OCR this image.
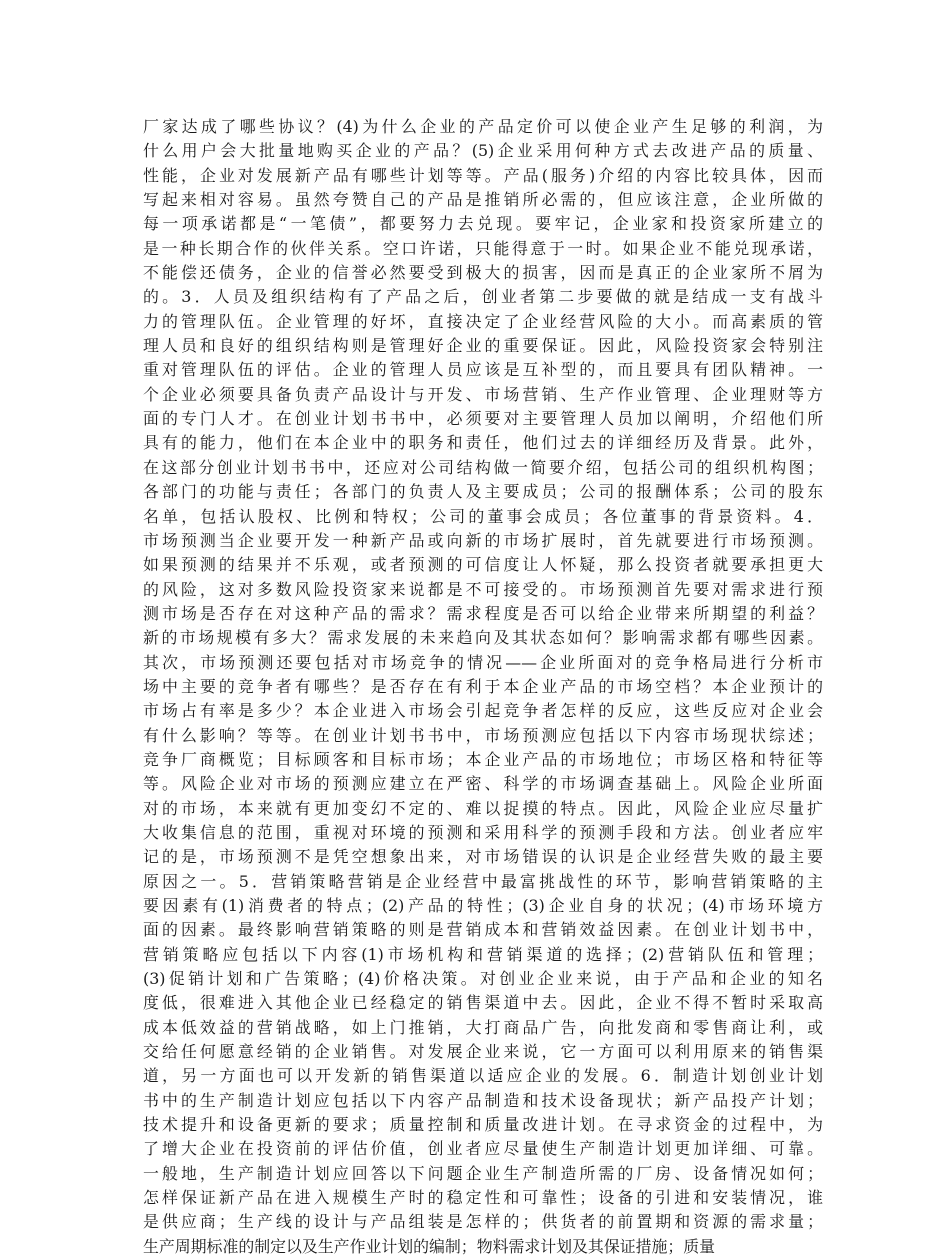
厂家达成了哪些协议？(4)为什么企业的产品定价可以使企业产生足够的利润，为
什么用户会大批量地购买企业的产品？(5)企业采用何种方式去改进产品的质量、
性能，企业对发展新产品有哪些计划等等。产品(服务)介绍的内容比较具体，因而
写起来相对容易。虽然夸赞自己的产品是推销所必需的，但应该注意，企业所做的
每一项承诺都是“一笔债”，都要努力去兑现。要牢记，企业家和投资家所建立的
是一种长期合作的伙伴关系。空口许诺，只能得意于一时。如果企业不能兑现承诺，
不能偿还债务，企业的信誉必然要受到极大的损害，因而是真正的企业家所不屑为
的。3．人员及组织结构有了产品之后，创业者第二步要做的就是结成一支有战斗
力的管理队伍。企业管理的好坏，直接决定了企业经营风险的大小。而高素质的管
理人员和良好的组织结构则是管理好企业的重要保证。因此，风险投资家会特别注
重对管理队伍的评估。企业的管理人员应该是互补型的，而且要具有团队精神。一
个企业必须要具备负责产品设计与开发、市场营销、生产作业管理、企业理财等方
面的专门人才。在创业计划书书中，必须要对主要管理人员加以阐明，介绍他们所
具有的能力，他们在本企业中的职务和责任，他们过去的详细经历及背景。此外，
在这部分创业计划书书中，还应对公司结构做一简要介绍，包括公司的组织机构图；
各部门的功能与责任；各部门的负责人及主要成员；公司的报酬体系；公司的股东
名单，包括认股权、比例和特权；公司的董事会成员；各位董事的背景资料。4．
市场预测当企业要开发一种新产品或向新的市场扩展时，首先就要进行市场预测。
如果预测的结果并不乐观，或者预测的可信度让人怀疑，那么投资者就要承担更大
的风险，这对多数风险投资家来说都是不可接受的。市场预测首先要对需求进行预
测市场是否存在对这种产品的需求？需求程度是否可以给企业带来所期望的利益？
新的市场规模有多大？需求发展的未来趋向及其状态如何？影响需求都有哪些因素。
其次，市场预测还要包括对市场竞争的情况——企业所面对的竞争格局进行分析市
场中主要的竞争者有哪些？是否存在有利于本企业产品的市场空档？本企业预计的
市场占有率是多少？本企业进入市场会引起竞争者怎样的反应，这些反应对企业会
有什么影响？等等。在创业计划书书中，市场预测应包括以下内容市场现状综述；
竞争厂商概览；目标顾客和目标市场；本企业产品的市场地位；市场区格和特征等
等。风险企业对市场的预测应建立在严密、科学的市场调查基础上。风险企业所面
对的市场，本来就有更加变幻不定的、难以捉摸的特点。因此，风险企业应尽量扩
大收集信息的范围，重视对环境的预测和采用科学的预测手段和方法。创业者应牢
记的是，市场预测不是凭空想象出来，对市场错误的认识是企业经营失败的最主要
原因之一。5．营销策略营销是企业经营中最富挑战性的环节，影响营销策略的主
要因素有(1)消费者的特点；(2)产品的特性；(3)企业自身的状况；(4)市场环境方
面的因素。最终影响营销策略的则是营销成本和营销效益因素。在创业计划书中，
营销策略应包括以下内容(1)市场机构和营销渠道的选择；(2)营销队伍和管理；
(3)促销计划和广告策略；(4)价格决策。对创业企业来说，由于产品和企业的知名
度低，很难进入其他企业已经稳定的销售渠道中去。因此，企业不得不暂时采取高
成本低效益的营销战略，如上门推销，大打商品广告，向批发商和零售商让利，或
交给任何愿意经销的企业销售。对发展企业来说，它一方面可以利用原来的销售渠
道，另一方面也可以开发新的销售渠道以适应企业的发展。6．制造计划创业计划
书中的生产制造计划应包括以下内容产品制造和技术设备现状；新产品投产计划；
技术提升和设备更新的要求；质量控制和质量改进计划。在寻求资金的过程中，为
了增大企业在投资前的评估价值，创业者应尽量使生产制造计划更加详细、可靠。
一般地，生产制造计划应回答以下问题企业生产制造所需的厂房、设备情况如何；
怎样保证新产品在进入规模生产时的稳定性和可靠性；设备的引进和安装情况，谁
是供应商；生产线的设计与产品组装是怎样的；供货者的前置期和资源的需求量；
生产周期标准的制定以及生产作业计划的编制；物料需求计划及其保证措施；质量
